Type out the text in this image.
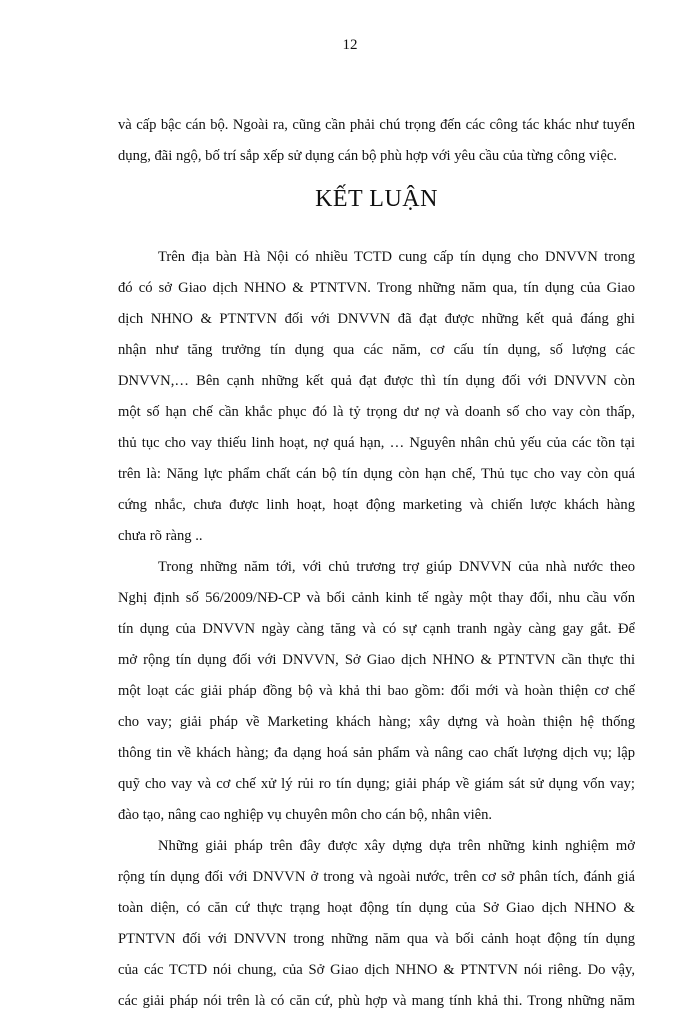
12
và cấp bậc cán bộ. Ngoài ra, cũng cần phải chú trọng đến các công tác khác như tuyển
dụng, đãi ngộ, bố trí sắp xếp sử dụng cán bộ phù hợp với yêu cầu của từng công việc.
KẾT LUẬN
Trên địa bàn Hà Nội có nhiều TCTD cung cấp tín dụng cho DNVVN trong
đó có sở Giao dịch NHNO & PTNTVN. Trong những năm qua, tín dụng của Giao
dịch NHNO & PTNTVN đối với DNVVN đã đạt được những kết quả đáng ghi
nhận như tăng trưởng tín dụng qua các năm, cơ cấu tín dụng, số lượng các
DNVVN,… Bên cạnh những kết quả đạt được thì tín dụng đối với DNVVN còn
một số hạn chế cần khắc phục đó là tỷ trọng dư nợ và doanh số cho vay còn thấp,
thủ tục cho vay thiếu linh hoạt, nợ quá hạn, … Nguyên nhân chủ yếu của các tồn tại
trên là: Năng lực phẩm chất cán bộ tín dụng còn hạn chế, Thủ tục cho vay còn quá
cứng nhắc, chưa được linh hoạt, hoạt động marketing và chiến lược khách hàng
chưa rõ ràng ..
Trong những năm tới, với chủ trương trợ giúp DNVVN của nhà nước theo
Nghị định số 56/2009/NĐ-CP và bối cảnh kinh tế ngày một thay đổi, nhu cầu vốn
tín dụng của DNVVN ngày càng tăng và có sự cạnh tranh ngày càng gay gắt. Để
mở rộng tín dụng đối với DNVVN, Sở Giao dịch NHNO & PTNTVN cần thực thi
một loạt các giải pháp đồng bộ và khả thi bao gồm: đổi mới và hoàn thiện cơ chế
cho vay; giải pháp về Marketing khách hàng; xây dựng và hoàn thiện hệ thống
thông tin về khách hàng; đa dạng hoá sản phẩm và nâng cao chất lượng dịch vụ; lập
quỹ cho vay và cơ chế xử lý rủi ro tín dụng; giải pháp về giám sát sử dụng vốn vay;
đào tạo, nâng cao nghiệp vụ chuyên môn cho cán bộ, nhân viên.
Những giải pháp trên đây được xây dựng dựa trên những kinh nghiệm mở
rộng tín dụng đối với DNVVN ở trong và ngoài nước, trên cơ sở phân tích, đánh giá
toàn diện, có căn cứ thực trạng hoạt động tín dụng của Sở Giao dịch NHNO &
PTNTVN đối với DNVVN trong những năm qua và bối cảnh hoạt động tín dụng
của các TCTD nói chung, của Sở Giao dịch NHNO & PTNTVN nói riêng. Do vậy,
các giải pháp nói trên là có căn cứ, phù hợp và mang tính khả thi. Trong những năm
